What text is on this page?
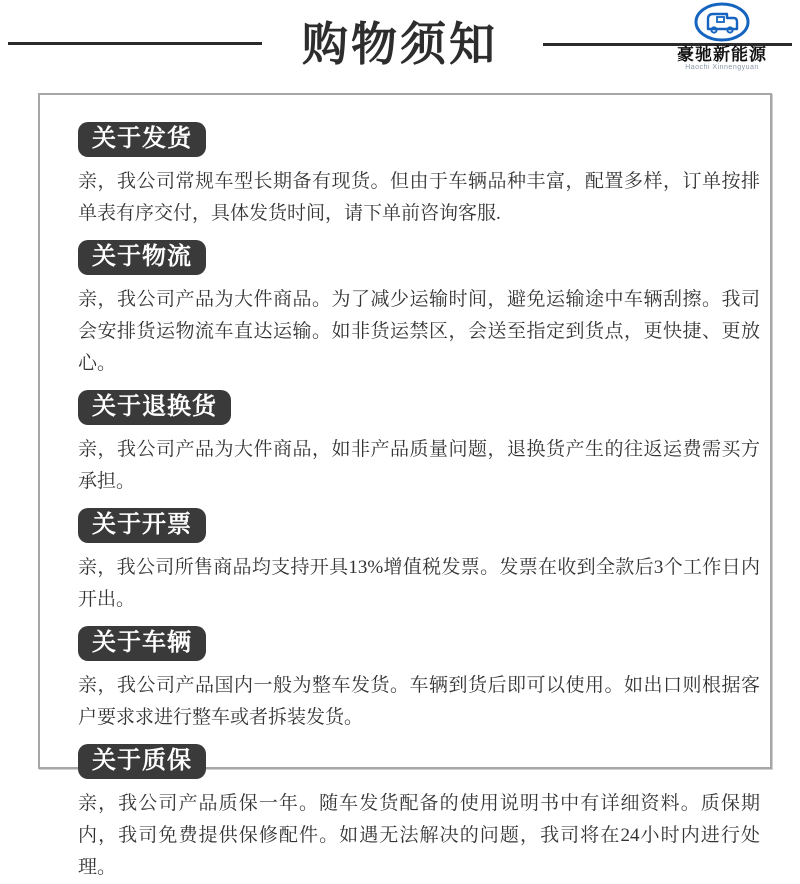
购物须知	豪驰新能源
Haochi Xinnengyuan
关于发货
亲，我公司常规车型长期备有现货。但由于车辆品种丰富，配置多样，订单按排单表有序交付，具体发货时间，请下单前咨询客服.
关于物流
亲，我公司产品为大件商品。为了减少运输时间，避免运输途中车辆刮擦。我司会安排货运物流车直达运输。如非货运禁区，会送至指定到货点，更快捷、更放心。
关于退换货
亲，我公司产品为大件商品，如非产品质量问题，退换货产生的往返运费需买方承担。
关于开票
亲，我公司所售商品均支持开具13%增值税发票。发票在收到全款后3个工作日内开出。
关于车辆
亲，我公司产品国内一般为整车发货。车辆到货后即可以使用。如出口则根据客户要求求进行整车或者拆装发货。
关于质保
亲，我公司产品质保一年。随车发货配备的使用说明书中有详细资料。质保期内，我司免费提供保修配件。如遇无法解决的问题，我司将在24小时内进行处理。
